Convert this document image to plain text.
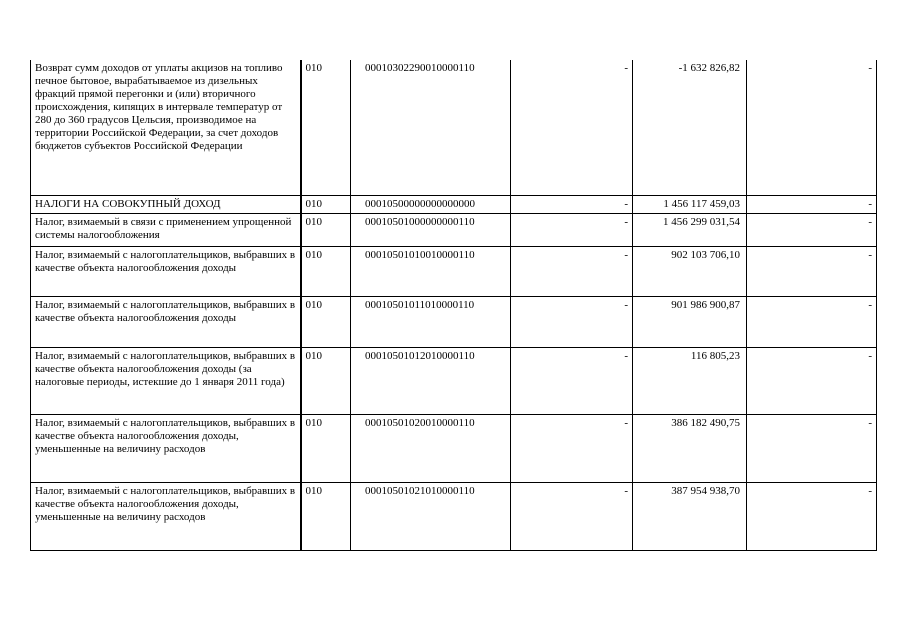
Возврат сумм доходов от уплаты акцизов на топливо печное бытовое, вырабатываемое из дизельных фракций прямой перегонки и (или) вторичного происхождения, кипящих в интервале температур от 280 до 360 градусов Цельсия, производимое на территории Российской Федерации, за счет доходов бюджетов субъектов Российской Федерации	010	00010302290010000110	-	-1 632 826,82	-
НАЛОГИ НА СОВОКУПНЫЙ ДОХОД	010	00010500000000000000	-	1 456 117 459,03	-
Налог, взимаемый в связи с применением упрощенной системы налогообложения	010	00010501000000000110	-	1 456 299 031,54	-
Налог, взимаемый с налогоплательщиков, выбравших в качестве объекта налогообложения доходы	010	00010501010010000110	-	902 103 706,10	-
Налог, взимаемый с налогоплательщиков, выбравших в качестве объекта налогообложения доходы	010	00010501011010000110	-	901 986 900,87	-
Налог, взимаемый с налогоплательщиков, выбравших в качестве объекта налогообложения доходы (за налоговые периоды, истекшие до 1 января 2011 года)	010	00010501012010000110	-	116 805,23	-
Налог, взимаемый с налогоплательщиков, выбравших в качестве объекта налогообложения доходы, уменьшенные на величину расходов	010	00010501020010000110	-	386 182 490,75	-
Налог, взимаемый с налогоплательщиков, выбравших в качестве объекта налогообложения доходы, уменьшенные на величину расходов	010	00010501021010000110	-	387 954 938,70	-
